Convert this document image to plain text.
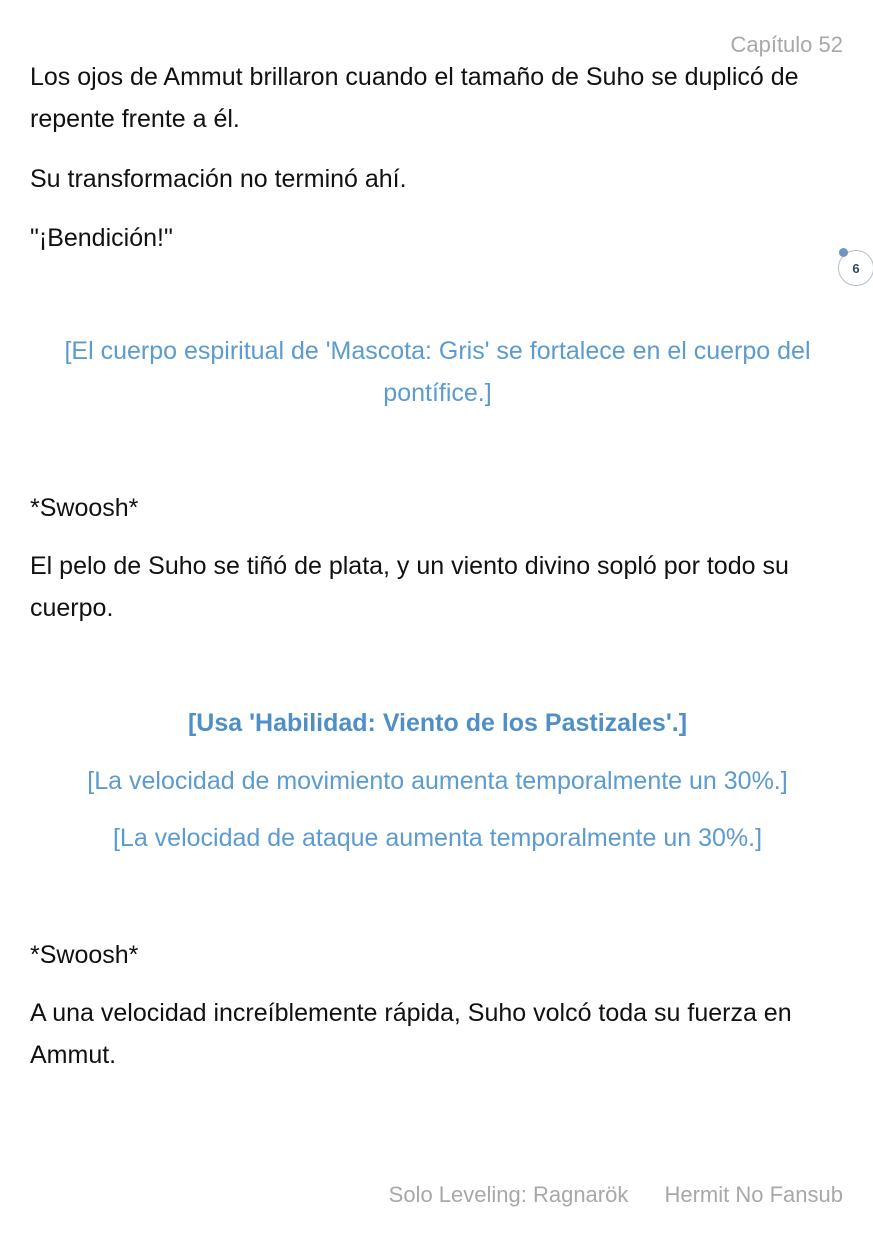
Capítulo 52

Los ojos de Ammut brillaron cuando el tamaño de Suho se duplicó de repente frente a él.

Su transformación no terminó ahí.

"¡Bendición!"

6

[El cuerpo espiritual de 'Mascota: Gris' se fortalece en el cuerpo del pontífice.]

*Swoosh*

El pelo de Suho se tiñó de plata, y un viento divino sopló por todo su cuerpo.

[Usa 'Habilidad: Viento de los Pastizales'.]

[La velocidad de movimiento aumenta temporalmente un 30%.]

[La velocidad de ataque aumenta temporalmente un 30%.]

*Swoosh*

A una velocidad increíblemente rápida, Suho volcó toda su fuerza en Ammut.

Solo Leveling: Ragnarök Hermit No Fansub
